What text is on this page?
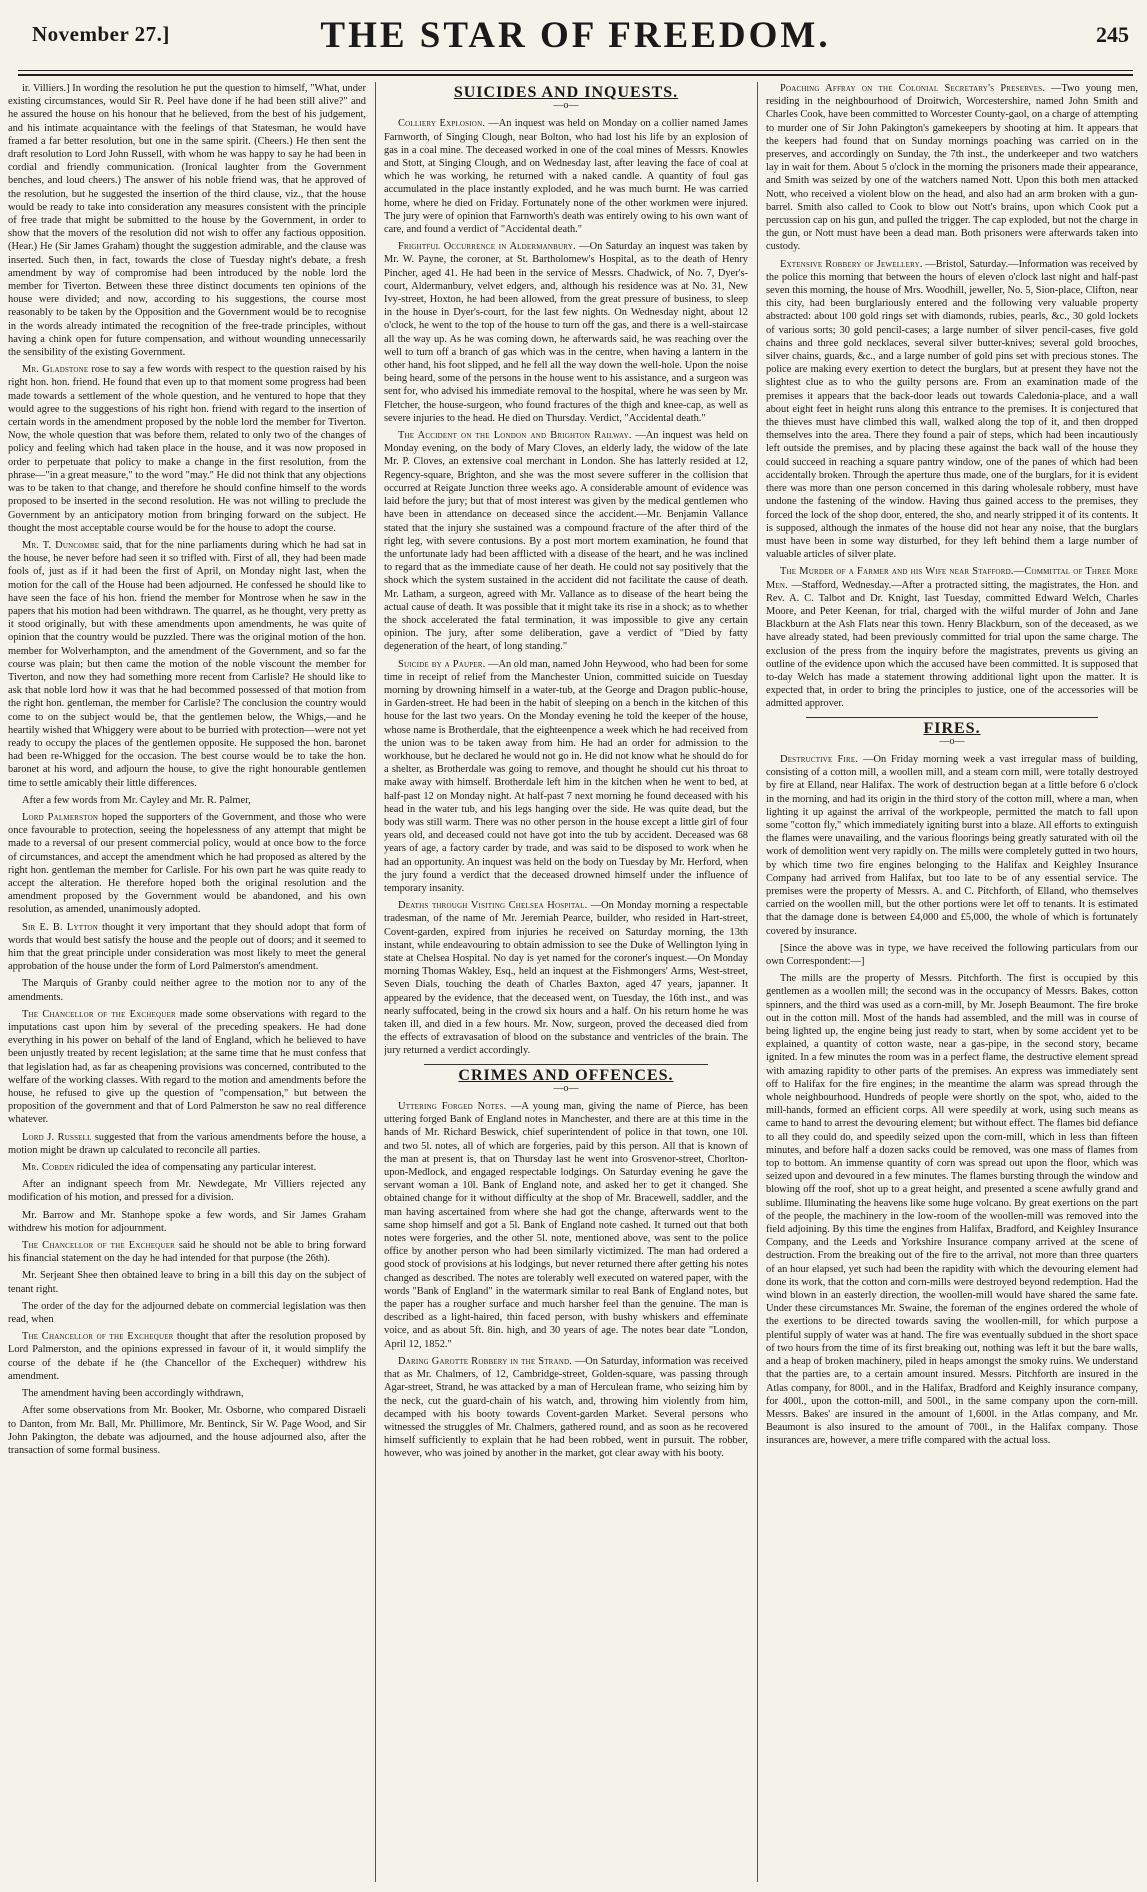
November 27.]	THE STAR OF FREEDOM.	245

ir. Villiers.] In wording the resolution he put the question to himself, "What, under existing circumstances, would Sir R. Peel have done if he had been still alive?" and he assured the house on his honour that he believed, from the best of his judgement, and his intimate acquaintance with the feelings of that Statesman, he would have framed a far better resolution, but one in the same spirit. (Cheers.) He then sent the draft resolution to Lord John Russell, with whom he was happy to say he had been in cordial and friendly communication. (Ironical laughter from the Government benches, and loud cheers.) The answer of his noble friend was, that he approved of the resolution, but he suggested the insertion of the third clause, viz., that the house would be ready to take into consideration any measures consistent with the principle of free trade that might be submitted to the house by the Government, in order to show that the movers of the resolution did not wish to offer any factious opposition. (Hear.) He (Sir James Graham) thought the suggestion admirable, and the clause was inserted. Such then, in fact, towards the close of Tuesday night's debate, a fresh amendment by way of compromise had been introduced by the noble lord the member for Tiverton. Between these three distinct documents ten opinions of the house were divided; and now, according to his suggestions, the course most reasonably to be taken by the Opposition and the Government would be to recognise in the words already intimated the recognition of the free-trade principles, without having a chink open for future compensation, and without wounding unnecessarily the sensibility of the existing Government.

Mr. Gladstone rose to say a few words with respect to the question raised by his right hon. hon. friend. He found that even up to that moment some progress had been made towards a settlement of the whole question, and he ventured to hope that they would agree to the suggestions of his right hon. friend with regard to the insertion of certain words in the amendment proposed by the noble lord the member for Tiverton. Now, the whole question that was before them, related to only two of the changes of policy and feeling which had taken place in the house, and it was now proposed in order to perpetuate that policy to make a change in the first resolution, from the phrase—"in a great measure," to the word "may." He did not think that any objections was to be taken to that change, and therefore he should confine himself to the words proposed to be inserted in the second resolution. He was not willing to preclude the Government by an anticipatory motion from bringing forward on the subject. He thought the most acceptable course would be for the house to adopt the course.

Mr. T. Duncombe said, that for the nine parliaments during which he had sat in the house, he never before had seen it so trifled with. First of all, they had been made fools of, just as if it had been the first of April, on Monday night last, when the motion for the call of the House had been adjourned. He confessed he should like to have seen the face of his hon. friend the member for Montrose when he saw in the papers that his motion had been withdrawn. The quarrel, as he thought, very pretty as it stood originally, but with these amendments upon amendments, he was quite of opinion that the country would be puzzled. There was the original motion of the hon. member for Wolverhampton, and the amendment of the Government, and so far the course was plain; but then came the motion of the noble viscount the member for Tiverton, and now they had something more recent from Carlisle? He should like to ask that noble lord how it was that he had becommed possessed of that motion from the right hon. gentleman, the member for Carlisle? The conclusion the country would come to on the subject would be, that the gentlemen below, the Whigs,—and he heartily wished that Whiggery were about to be burried with protection—were not yet ready to occupy the places of the gentlemen opposite. He supposed the hon. baronet had been re-Whigged for the occasion. The best course would be to take the hon. baronet at his word, and adjourn the house, to give the right honourable gentlemen time to settle amicably their little differences.

After a few words from Mr. Cayley and Mr. R. Palmer,

Lord Palmerston hoped the supporters of the Government, and those who were once favourable to protection, seeing the hopelessness of any attempt that might be made to a reversal of our present commercial policy, would at once bow to the force of circumstances, and accept the amendment which he had proposed as altered by the right hon. gentleman the member for Carlisle. For his own part he was quite ready to accept the alteration. He therefore hoped both the original resolution and the amendment proposed by the Government would be abandoned, and his own resolution, as amended, unanimously adopted.

Sir E. B. Lytton thought it very important that they should adopt that form of words that would best satisfy the house and the people out of doors; and it seemed to him that the great principle under consideration was most likely to meet the general approbation of the house under the form of Lord Palmerston's amendment.

The Marquis of Granby could neither agree to the motion nor to any of the amendments.

The Chancellor of the Exchequer made some observations with regard to the imputations cast upon him by several of the preceding speakers. He had done everything in his power on behalf of the land of England, which he believed to have been unjustly treated by recent legislation; at the same time that he must confess that that legislation had, as far as cheapening provisions was concerned, contributed to the welfare of the working classes. With regard to the motion and amendments before the house, he refused to give up the question of "compensation," but between the proposition of the government and that of Lord Palmerston he saw no real difference whatever.

Lord J. Russell suggested that from the various amendments before the house, a motion might be drawn up calculated to reconcile all parties.

Mr. Cobden ridiculed the idea of compensating any particular interest.

After an indignant speech from Mr. Newdegate, Mr Villiers rejected any modification of his motion, and pressed for a division.

Mr. Barrow and Mr. Stanhope spoke a few words, and Sir James Graham withdrew his motion for adjournment.

The Chancellor of the Exchequer said he should not be able to bring forward his financial statement on the day he had intended for that purpose (the 26th).

Mr. Serjeant Shee then obtained leave to bring in a bill this day on the subject of tenant right.

The order of the day for the adjourned debate on commercial legislation was then read, when

The Chancellor of the Exchequer thought that after the resolution proposed by Lord Palmerston, and the opinions expressed in favour of it, it would simplify the course of the debate if he (the Chancellor of the Exchequer) withdrew his amendment.

The amendment having been accordingly withdrawn,

After some observations from Mr. Booker, Mr. Osborne, who compared Disraeli to Danton, from Mr. Ball, Mr. Phillimore, Mr. Bentinck, Sir W. Page Wood, and Sir John Pakington, the debate was adjourned, and the house adjourned also, after the transaction of some formal business.

SUICIDES AND INQUESTS.
—o—

Colliery Explosion. —An inquest was held on Monday on a collier named James Farnworth, of Singing Clough, near Bolton, who had lost his life by an explosion of gas in a coal mine. The deceased worked in one of the coal mines of Messrs. Knowles and Stott, at Singing Clough, and on Wednesday last, after leaving the face of coal at which he was working, he returned with a naked candle. A quantity of foul gas accumulated in the place instantly exploded, and he was much burnt. He was carried home, where he died on Friday. Fortunately none of the other workmen were injured. The jury were of opinion that Farnworth's death was entirely owing to his own want of care, and found a verdict of "Accidental death."

Frightful Occurrence in Aldermanbury. —On Saturday an inquest was taken by Mr. W. Payne, the coroner, at St. Bartholomew's Hospital, as to the death of Henry Pincher, aged 41. He had been in the service of Messrs. Chadwick, of No. 7, Dyer's-court, Aldermanbury, velvet edgers, and, although his residence was at No. 31, New Ivy-street, Hoxton, he had been allowed, from the great pressure of business, to sleep in the house in Dyer's-court, for the last few nights. On Wednesday night, about 12 o'clock, he went to the top of the house to turn off the gas, and there is a well-staircase all the way up. As he was coming down, he afterwards said, he was reaching over the well to turn off a branch of gas which was in the centre, when having a lantern in the other hand, his foot slipped, and he fell all the way down the well-hole. Upon the noise being heard, some of the persons in the house went to his assistance, and a surgeon was sent for, who advised his immediate removal to the hospital, where he was seen by Mr. Fletcher, the house-surgeon, who found fractures of the thigh and knee-cap, as well as severe injuries to the head. He died on Thursday. Verdict, "Accidental death."

The Accident on the London and Brighton Railway. —An inquest was held on Monday evening, on the body of Mary Cloves, an elderly lady, the widow of the late Mr. P. Cloves, an extensive coal merchant in London. She has latterly resided at 12, Regency-square, Brighton, and she was the most severe sufferer in the collision that occurred at Reigate Junction three weeks ago. A considerable amount of evidence was laid before the jury; but that of most interest was given by the medical gentlemen who have been in attendance on deceased since the accident.—Mr. Benjamin Vallance stated that the injury she sustained was a compound fracture of the after third of the right leg, with severe contusions. By a post mort mortem examination, he found that the unfortunate lady had been afflicted with a disease of the heart, and he was inclined to regard that as the immediate cause of her death. He could not say positively that the shock which the system sustained in the accident did not facilitate the cause of death. Mr. Latham, a surgeon, agreed with Mr. Vallance as to disease of the heart being the actual cause of death. It was possible that it might take its rise in a shock; as to whether the shock accelerated the fatal termination, it was impossible to give any certain opinion. The jury, after some deliberation, gave a verdict of "Died by fatty degeneration of the heart, of long standing."

Suicide by a Pauper. —An old man, named John Heywood, who had been for some time in receipt of relief from the Manchester Union, committed suicide on Tuesday morning by drowning himself in a water-tub, at the George and Dragon public-house, in Garden-street. He had been in the habit of sleeping on a bench in the kitchen of this house for the last two years. On the Monday evening he told the keeper of the house, whose name is Brotherdale, that the eighteenpence a week which he had received from the union was to be taken away from him. He had an order for admission to the workhouse, but he declared he would not go in. He did not know what he should do for a shelter, as Brotherdale was going to remove, and thought he should cut his throat to make away with himself. Brotherdale left him in the kitchen when he went to bed, at half-past 12 on Monday night. At half-past 7 next morning he found deceased with his head in the water tub, and his legs hanging over the side. He was quite dead, but the body was still warm. There was no other person in the house except a little girl of four years old, and deceased could not have got into the tub by accident. Deceased was 68 years of age, a factory carder by trade, and was said to be disposed to work when he had an opportunity. An inquest was held on the body on Tuesday by Mr. Herford, when the jury found a verdict that the deceased drowned himself under the influence of temporary insanity.

Deaths through Visiting Chelsea Hospital. —On Monday morning a respectable tradesman, of the name of Mr. Jeremiah Pearce, builder, who resided in Hart-street, Covent-garden, expired from injuries he received on Saturday morning, the 13th instant, while endeavouring to obtain admission to see the Duke of Wellington lying in state at Chelsea Hospital. No day is yet named for the coroner's inquest.—On Monday morning Thomas Wakley, Esq., held an inquest at the Fishmongers' Arms, West-street, Seven Dials, touching the death of Charles Baxton, aged 47 years, japanner. It appeared by the evidence, that the deceased went, on Tuesday, the 16th inst., and was nearly suffocated, being in the crowd six hours and a half. On his return home he was taken ill, and died in a few hours. Mr. Now, surgeon, proved the deceased died from the effects of extravasation of blood on the substance and ventricles of the brain. The jury returned a verdict accordingly.

CRIMES AND OFFENCES.
—o—

Uttering Forged Notes. —A young man, giving the name of Pierce, has been uttering forged Bank of England notes in Manchester, and there are at this time in the hands of Mr. Richard Beswick, chief superintendent of police in that town, one 10l. and two 5l. notes, all of which are forgeries, paid by this person. All that is known of the man at present is, that on Thursday last he went into Grosvenor-street, Chorlton-upon-Medlock, and engaged respectable lodgings. On Saturday evening he gave the servant woman a 10l. Bank of England note, and asked her to get it changed. She obtained change for it without difficulty at the shop of Mr. Bracewell, saddler, and the man having ascertained from where she had got the change, afterwards went to the same shop himself and got a 5l. Bank of England note cashed. It turned out that both notes were forgeries, and the other 5l. note, mentioned above, was sent to the police office by another person who had been similarly victimized. The man had ordered a good stock of provisions at his lodgings, but never returned there after getting his notes changed as described. The notes are tolerably well executed on watered paper, with the words "Bank of England" in the watermark similar to real Bank of England notes, but the paper has a rougher surface and much harsher feel than the genuine. The man is described as a light-haired, thin faced person, with bushy whiskers and effeminate voice, and as about 5ft. 8in. high, and 30 years of age. The notes bear date "London, April 12, 1852."

Daring Garotte Robbery in the Strand. —On Saturday, information was received that as Mr. Chalmers, of 12, Cambridge-street, Golden-square, was passing through Agar-street, Strand, he was attacked by a man of Herculean frame, who seizing him by the neck, cut the guard-chain of his watch, and, throwing him violently from him, decamped with his booty towards Covent-garden Market. Several persons who witnessed the struggles of Mr. Chalmers, gathered round, and as soon as he recovered himself sufficiently to explain that he had been robbed, went in pursuit. The robber, however, who was joined by another in the market, got clear away with his booty.

Poaching Affray on the Colonial Secretary's Preserves. —Two young men, residing in the neighbourhood of Droitwich, Worcestershire, named John Smith and Charles Cook, have been committed to Worcester County-gaol, on a charge of attempting to murder one of Sir John Pakington's gamekeepers by shooting at him. It appears that the keepers had found that on Sunday mornings poaching was carried on in the preserves, and accordingly on Sunday, the 7th inst., the underkeeper and two watchers lay in wait for them. About 5 o'clock in the morning the prisoners made their appearance, and Smith was seized by one of the watchers named Nott. Upon this both men attacked Nott, who received a violent blow on the head, and also had an arm broken with a gun-barrel. Smith also called to Cook to blow out Nott's brains, upon which Cook put a percussion cap on his gun, and pulled the trigger. The cap exploded, but not the charge in the gun, or Nott must have been a dead man. Both prisoners were afterwards taken into custody.

Extensive Robbery of Jewellery. —Bristol, Saturday.—Information was received by the police this morning that between the hours of eleven o'clock last night and half-past seven this morning, the house of Mrs. Woodhill, jeweller, No. 5, Sion-place, Clifton, near this city, had been burglariously entered and the following very valuable property abstracted: about 100 gold rings set with diamonds, rubies, pearls, &c., 30 gold lockets of various sorts; 30 gold pencil-cases; a large number of silver pencil-cases, five gold chains and three gold necklaces, several silver butter-knives; several gold brooches, silver chains, guards, &c., and a large number of gold pins set with precious stones. The police are making every exertion to detect the burglars, but at present they have not the slightest clue as to who the guilty persons are. From an examination made of the premises it appears that the back-door leads out towards Caledonia-place, and a wall about eight feet in height runs along this entrance to the premises. It is conjectured that the thieves must have climbed this wall, walked along the top of it, and then dropped themselves into the area. There they found a pair of steps, which had been incautiously left outside the premises, and by placing these against the back wall of the house they could succeed in reaching a square pantry window, one of the panes of which had been accidentally broken. Through the aperture thus made, one of the burglars, for it is evident there was more than one person concerned in this daring wholesale robbery, must have undone the fastening of the window. Having thus gained access to the premises, they forced the lock of the shop door, entered, the sho, and nearly stripped it of its contents. It is supposed, although the inmates of the house did not hear any noise, that the burglars must have been in some way disturbed, for they left behind them a large number of valuable articles of silver plate.

The Murder of a Farmer and his Wife near Stafford.—Committal of Three More Men. —Stafford, Wednesday.—After a protracted sitting, the magistrates, the Hon. and Rev. A. C. Talbot and Dr. Knight, last Tuesday, committed Edward Welch, Charles Moore, and Peter Keenan, for trial, charged with the wilful murder of John and Jane Blackburn at the Ash Flats near this town. Henry Blackburn, son of the deceased, as we have already stated, had been previously committed for trial upon the same charge. The exclusion of the press from the inquiry before the magistrates, prevents us giving an outline of the evidence upon which the accused have been committed. It is supposed that to-day Welch has made a statement throwing additional light upon the matter. It is expected that, in order to bring the principles to justice, one of the accessories will be admitted approver.

FIRES.
—o—

Destructive Fire. —On Friday morning week a vast irregular mass of building, consisting of a cotton mill, a woollen mill, and a steam corn mill, were totally destroyed by fire at Elland, near Halifax. The work of destruction began at a little before 6 o'clock in the morning, and had its origin in the third story of the cotton mill, where a man, when lighting it up against the arrival of the workpeople, permitted the match to fall upon some "cotton fly," which immediately igniting burst into a blaze. All efforts to extinguish the flames were unavailing, and the various floorings being greatly saturated with oil the work of demolition went very rapidly on. The mills were completely gutted in two hours, by which time two fire engines belonging to the Halifax and Keighley Insurance Company had arrived from Halifax, but too late to be of any essential service. The premises were the property of Messrs. A. and C. Pitchforth, of Elland, who themselves carried on the woollen mill, but the other portions were let off to tenants. It is estimated that the damage done is between £4,000 and £5,000, the whole of which is fortunately covered by insurance.

[Since the above was in type, we have received the following particulars from our own Correspondent:—]

The mills are the property of Messrs. Pitchforth. The first is occupied by this gentlemen as a woollen mill; the second was in the occupancy of Messrs. Bakes, cotton spinners, and the third was used as a corn-mill, by Mr. Joseph Beaumont. The fire broke out in the cotton mill. Most of the hands had assembled, and the mill was in course of being lighted up, the engine being just ready to start, when by some accident yet to be explained, a quantity of cotton waste, near a gas-pipe, in the second story, became ignited. In a few minutes the room was in a perfect flame, the destructive element spread with amazing rapidity to other parts of the premises. An express was immediately sent off to Halifax for the fire engines; in the meantime the alarm was spread through the whole neighbourhood. Hundreds of people were shortly on the spot, who, aided to the mill-hands, formed an efficient corps. All were speedily at work, using such means as came to hand to arrest the devouring element; but without effect. The flames bid defiance to all they could do, and speedily seized upon the corn-mill, which in less than fifteen minutes, and before half a dozen sacks could be removed, was one mass of flames from top to bottom. An immense quantity of corn was spread out upon the floor, which was seized upon and devoured in a few minutes. The flames bursting through the window and blowing off the roof, shot up to a great height, and presented a scene awfully grand and sublime. Illuminating the heavens like some huge volcano. By great exertions on the part of the people, the machinery in the low-room of the woollen-mill was removed into the field adjoining. By this time the engines from Halifax, Bradford, and Keighley Insurance Company, and the Leeds and Yorkshire Insurance company arrived at the scene of destruction. From the breaking out of the fire to the arrival, not more than three quarters of an hour elapsed, yet such had been the rapidity with which the devouring element had done its work, that the cotton and corn-mills were destroyed beyond redemption. Had the wind blown in an easterly direction, the woollen-mill would have shared the same fate. Under these circumstances Mr. Swaine, the foreman of the engines ordered the whole of the exertions to be directed towards saving the woollen-mill, for which purpose a plentiful supply of water was at hand. The fire was eventually subdued in the short space of two hours from the time of its first breaking out, nothing was left it but the bare walls, and a heap of broken machinery, piled in heaps amongst the smoky ruins. We understand that the parties are, to a certain amount insured. Messrs. Pitchforth are insured in the Atlas company, for 800l., and in the Halifax, Bradford and Keighly insurance company, for 400l., upon the cotton-mill, and 500l., in the same company upon the corn-mill. Messrs. Bakes' are insured in the amount of 1,600l. in the Atlas company, and Mr. Beaumont is also insured to the amount of 700l., in the Halifax company. Those insurances are, however, a mere trifle compared with the actual loss.
